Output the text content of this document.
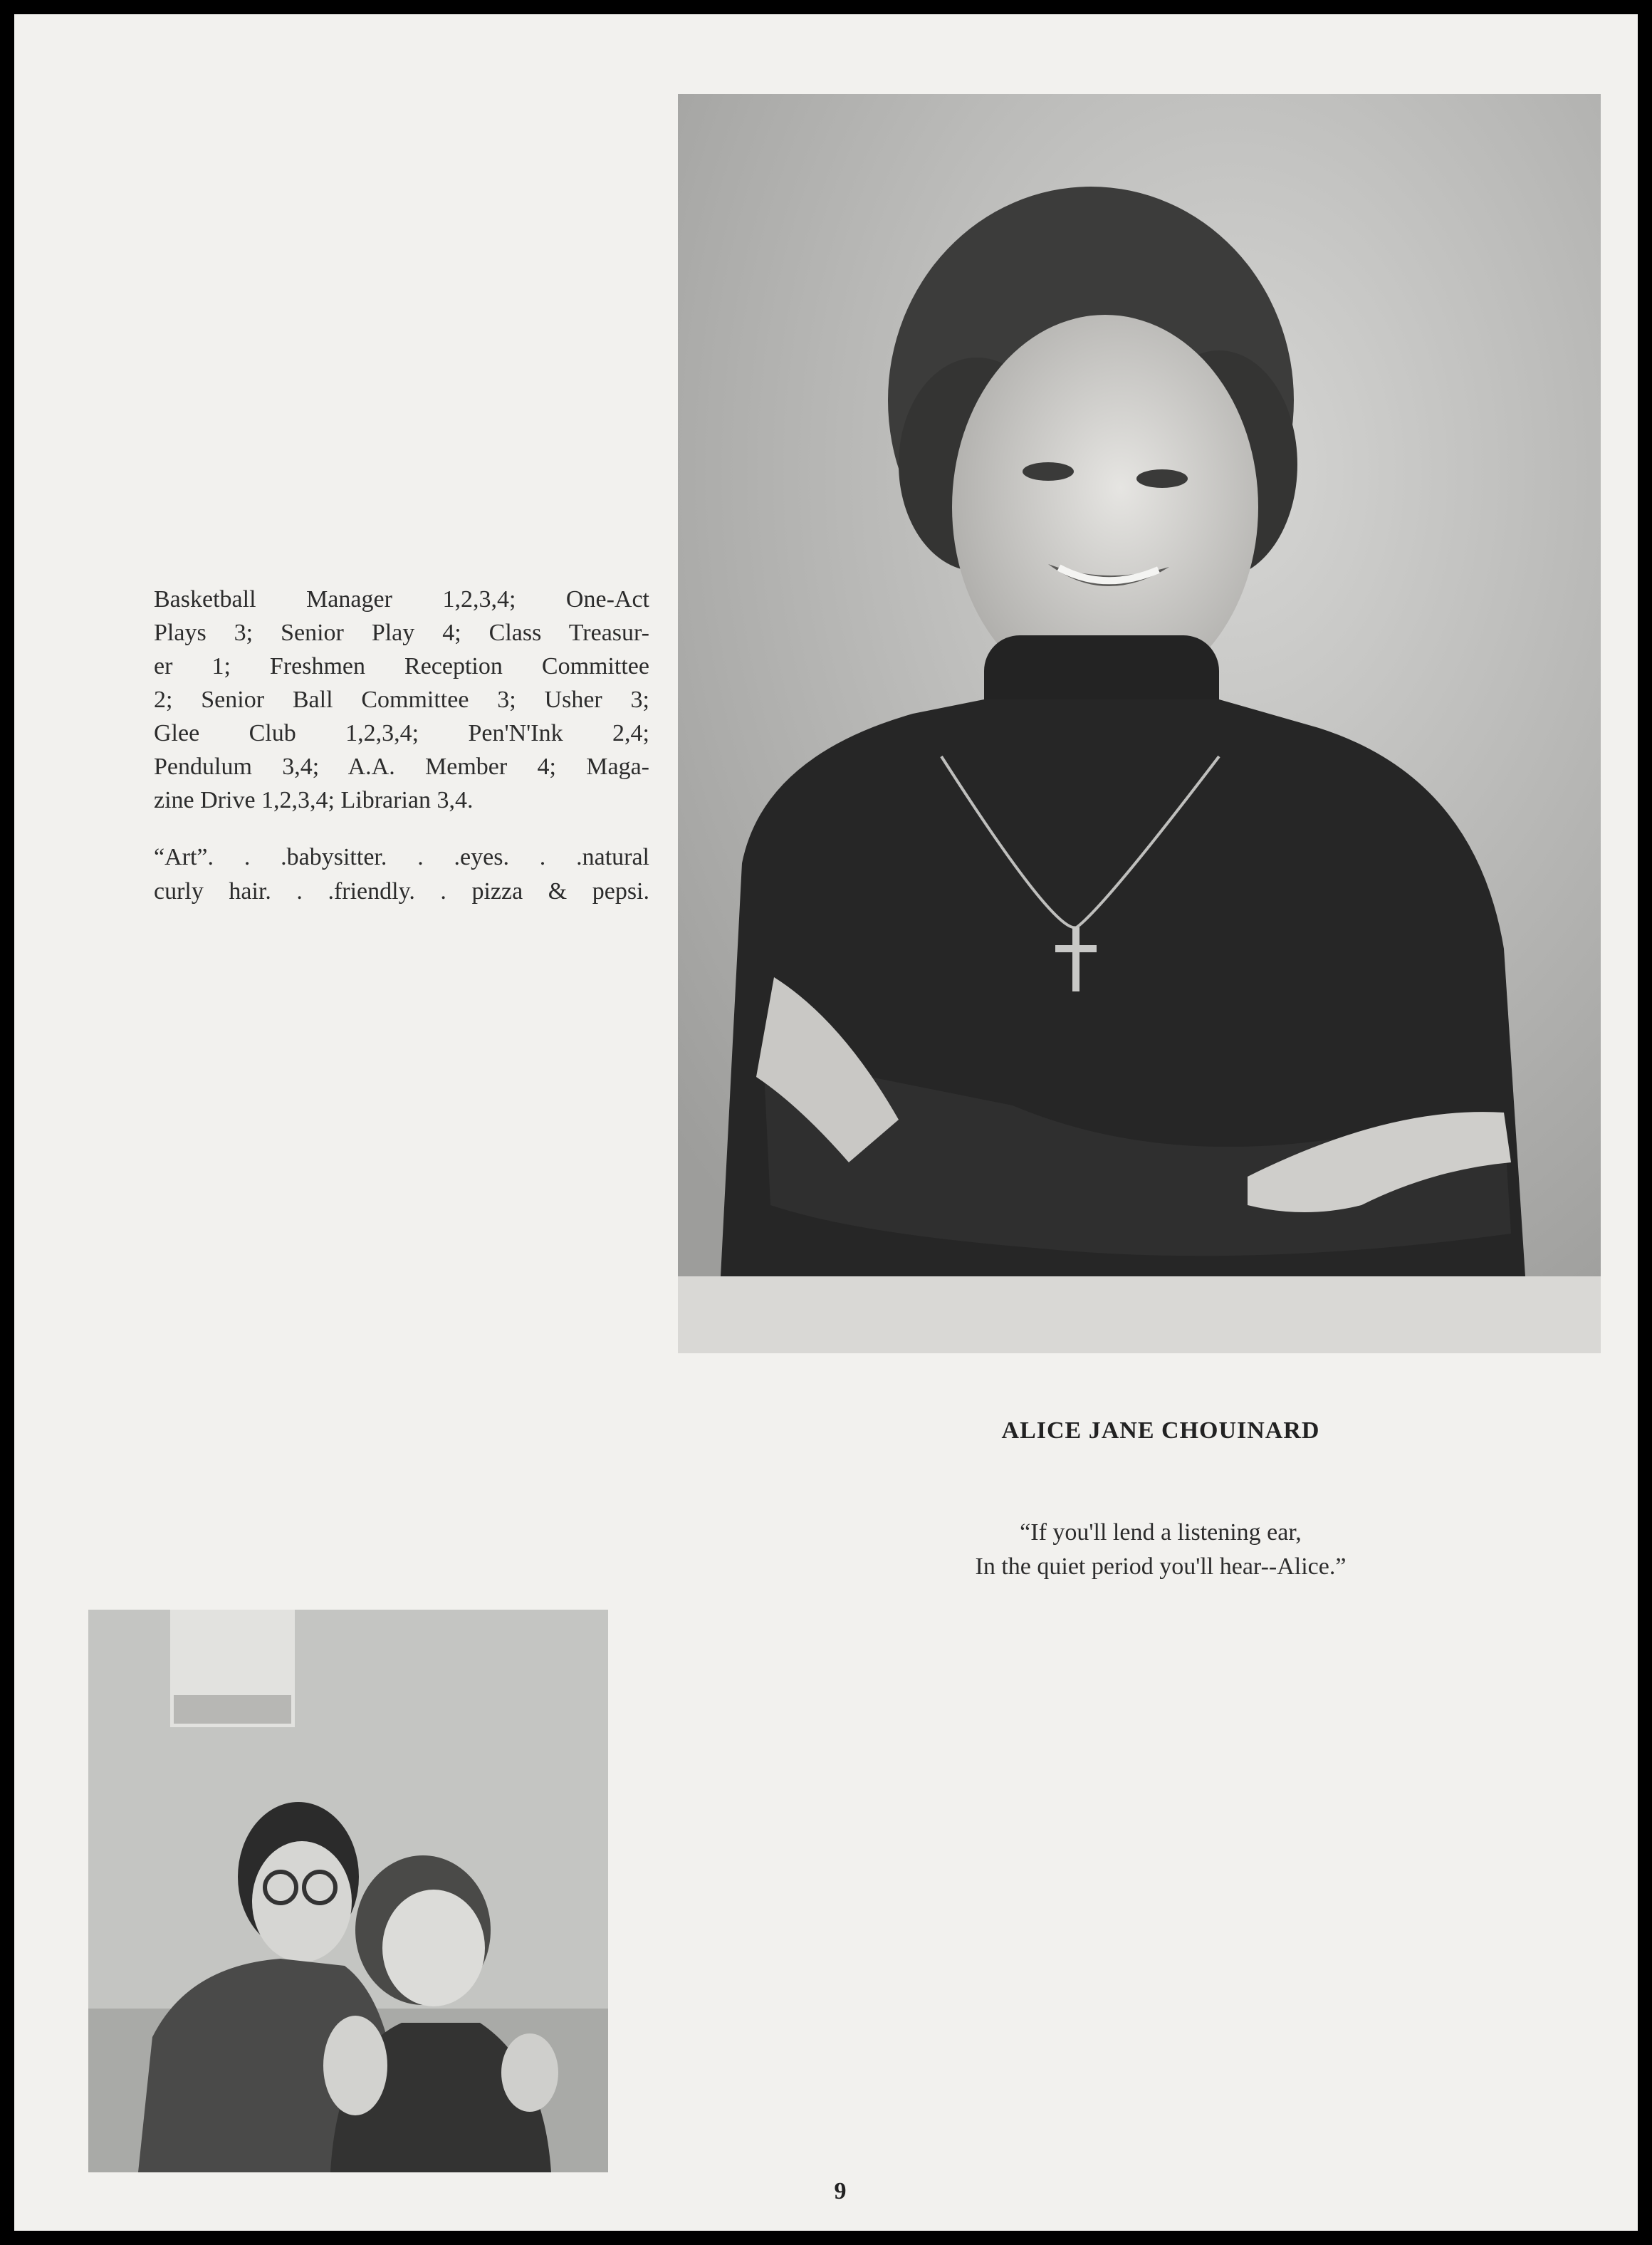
Basketball Manager 1,2,3,4; One-Act
Plays 3; Senior Play 4; Class Treasur-
er 1; Freshmen Reception Committee
2; Senior Ball Committee 3; Usher 3;
Glee Club 1,2,3,4; Pen'N'Ink 2,4;
Pendulum 3,4; A.A. Member 4; Maga-
zine Drive 1,2,3,4; Librarian 3,4.
“Art”. . .babysitter. . .eyes. . .natural
curly hair. . .friendly. . pizza & pepsi.
ALICE JANE CHOUINARD
“If you'll lend a listening ear,
In the quiet period you'll hear--Alice.”
9
